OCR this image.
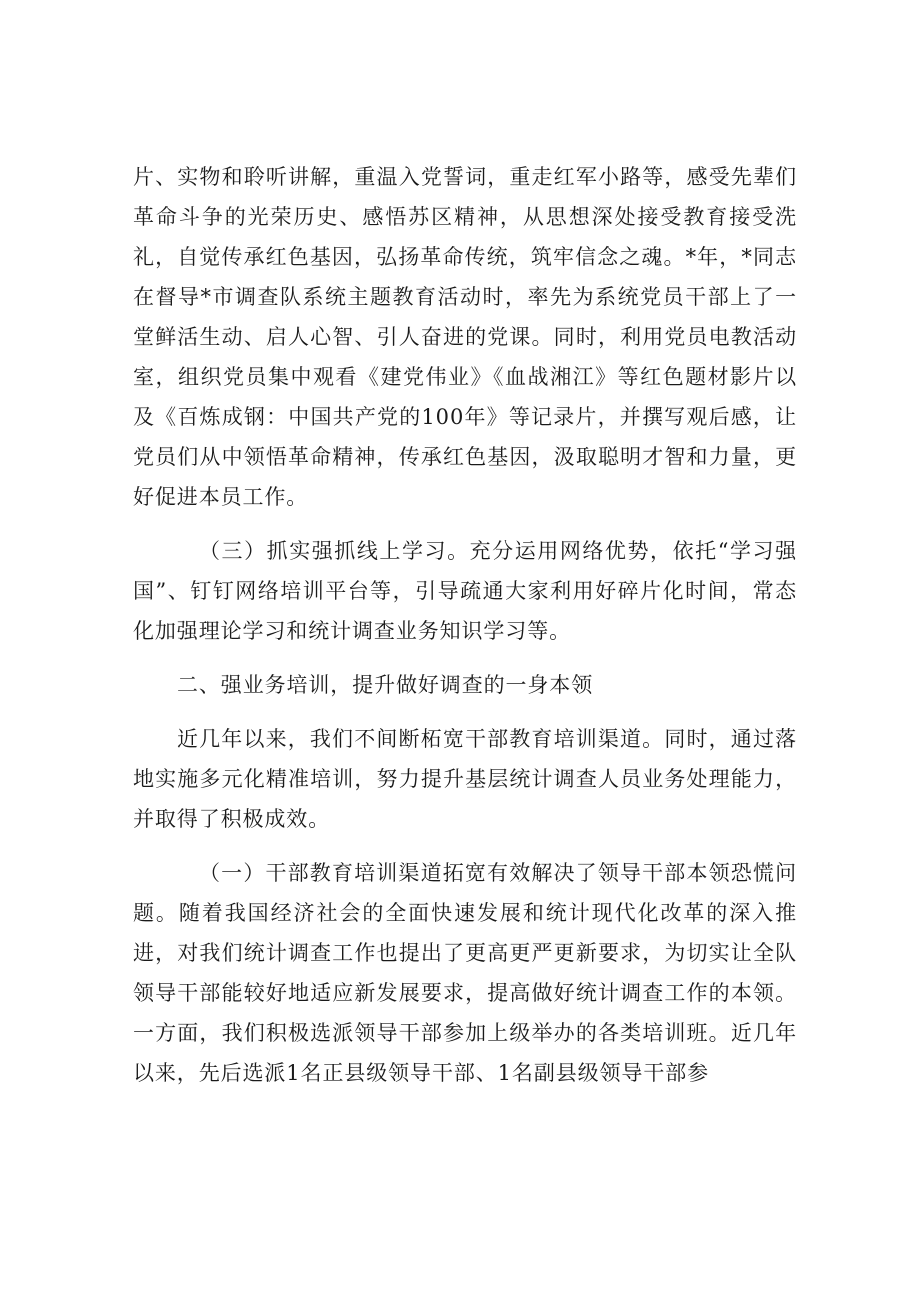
片、实物和聆听讲解，重温入党誓词，重走红军小路等，感受先辈们革命斗争的光荣历史、感悟苏区精神，从思想深处接受教育接受洗礼，自觉传承红色基因，弘扬革命传统，筑牢信念之魂。*年，*同志在督导*市调查队系统主题教育活动时，率先为系统党员干部上了一堂鲜活生动、启人心智、引人奋进的党课。同时，利用党员电教活动室，组织党员集中观看《建党伟业》《血战湘江》等红色题材影片以及《百炼成钢：中国共产党的100年》等记录片，并撰写观后感，让党员们从中领悟革命精神，传承红色基因，汲取聪明才智和力量，更好促进本员工作。

（三）抓实强抓线上学习。充分运用网络优势，依托“学习强国”、钉钉网络培训平台等，引导疏通大家利用好碎片化时间，常态化加强理论学习和统计调查业务知识学习等。

二、强业务培训，提升做好调查的一身本领

近几年以来，我们不间断柘宽干部教育培训渠道。同时，通过落地实施多元化精准培训，努力提升基层统计调查人员业务处理能力，并取得了积极成效。

（一）干部教育培训渠道拓宽有效解决了领导干部本领恐慌问题。随着我国经济社会的全面快速发展和统计现代化改革的深入推进，对我们统计调查工作也提出了更高更严更新要求，为切实让全队领导干部能较好地适应新发展要求，提高做好统计调查工作的本领。一方面，我们积极选派领导干部参加上级举办的各类培训班。近几年以来，先后选派1名正县级领导干部、1名副县级领导干部参
